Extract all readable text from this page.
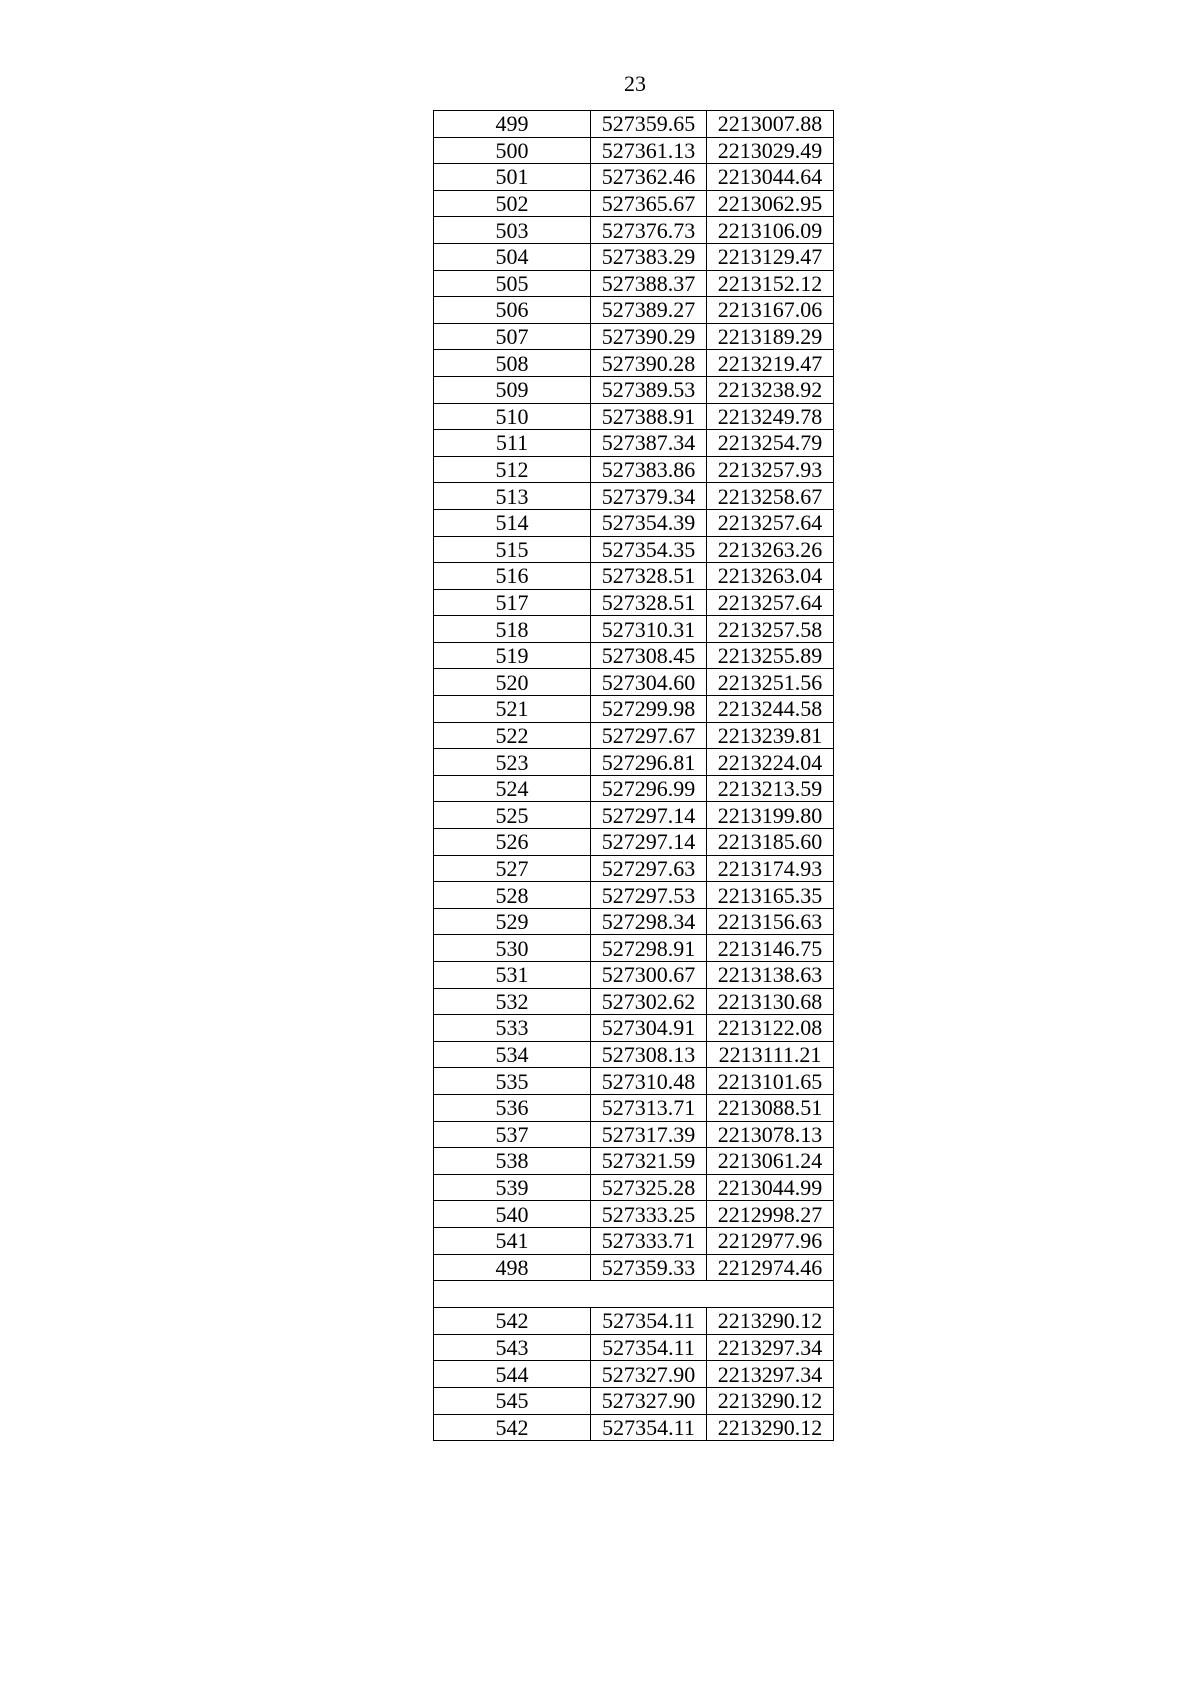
23
499	527359.65	2213007.88
500	527361.13	2213029.49
501	527362.46	2213044.64
502	527365.67	2213062.95
503	527376.73	2213106.09
504	527383.29	2213129.47
505	527388.37	2213152.12
506	527389.27	2213167.06
507	527390.29	2213189.29
508	527390.28	2213219.47
509	527389.53	2213238.92
510	527388.91	2213249.78
511	527387.34	2213254.79
512	527383.86	2213257.93
513	527379.34	2213258.67
514	527354.39	2213257.64
515	527354.35	2213263.26
516	527328.51	2213263.04
517	527328.51	2213257.64
518	527310.31	2213257.58
519	527308.45	2213255.89
520	527304.60	2213251.56
521	527299.98	2213244.58
522	527297.67	2213239.81
523	527296.81	2213224.04
524	527296.99	2213213.59
525	527297.14	2213199.80
526	527297.14	2213185.60
527	527297.63	2213174.93
528	527297.53	2213165.35
529	527298.34	2213156.63
530	527298.91	2213146.75
531	527300.67	2213138.63
532	527302.62	2213130.68
533	527304.91	2213122.08
534	527308.13	2213111.21
535	527310.48	2213101.65
536	527313.71	2213088.51
537	527317.39	2213078.13
538	527321.59	2213061.24
539	527325.28	2213044.99
540	527333.25	2212998.27
541	527333.71	2212977.96
498	527359.33	2212974.46

542	527354.11	2213290.12
543	527354.11	2213297.34
544	527327.90	2213297.34
545	527327.90	2213290.12
542	527354.11	2213290.12
